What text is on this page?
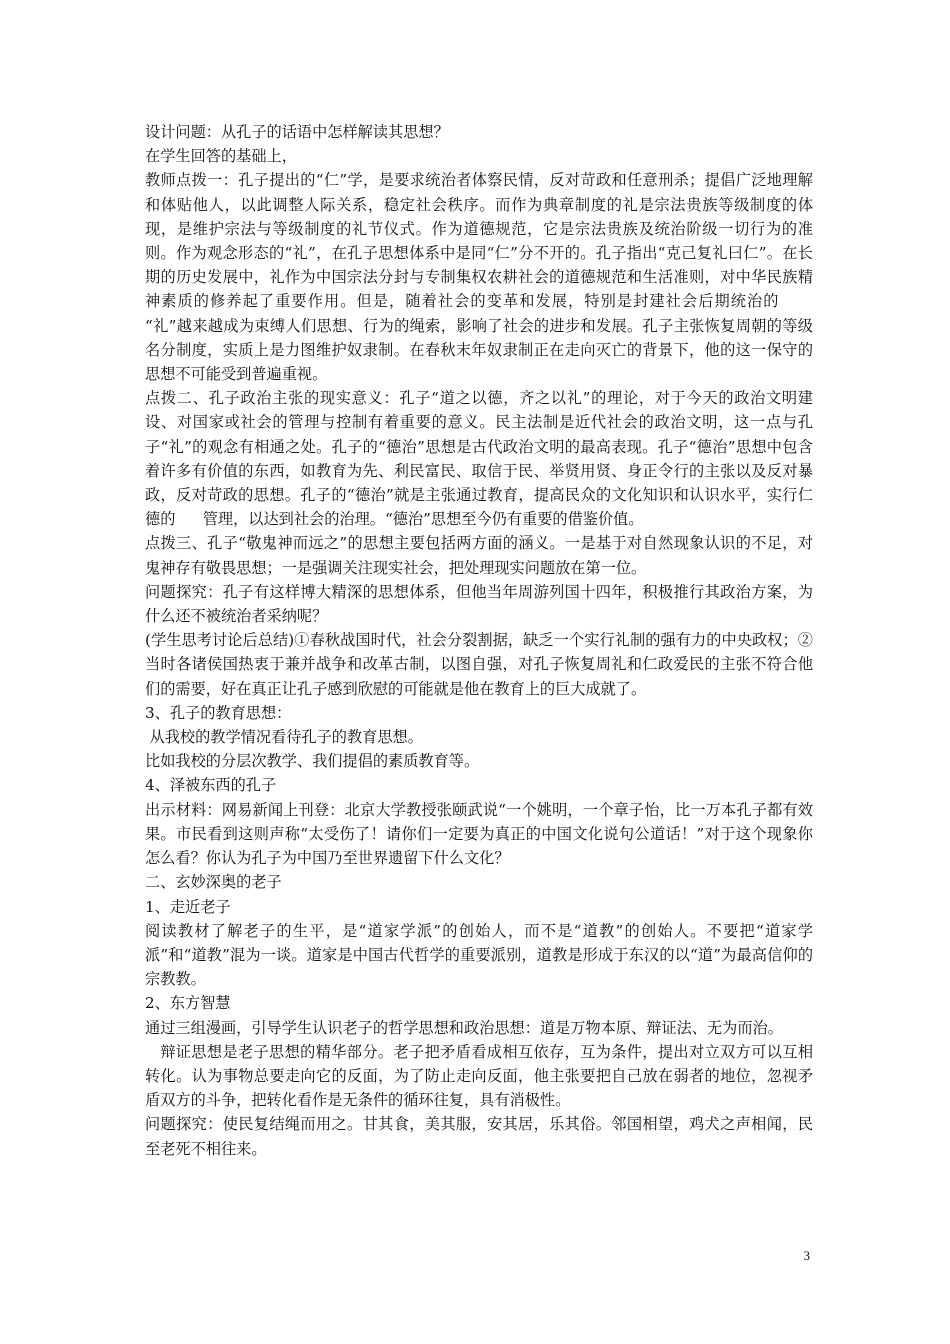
设计问题：从孔子的话语中怎样解读其思想？

在学生回答的基础上，

教师点拨一：孔子提出的“仁”学，是要求统治者体察民情，反对苛政和任意刑杀；提倡广泛地理解和体贴他人，以此调整人际关系，稳定社会秩序。而作为典章制度的礼是宗法贵族等级制度的体现，是维护宗法与等级制度的礼节仪式。作为道德规范，它是宗法贵族及统治阶级一切行为的准则。作为观念形态的“礼”，在孔子思想体系中是同“仁”分不开的。孔子指出“克己复礼曰仁”。在长期的历史发展中，礼作为中国宗法分封与专制集权农耕社会的道德规范和生活准则，对中华民族精神素质的修养起了重要作用。但是，随着社会的变革和发展，特别是封建社会后期统治的“礼”越来越成为束缚人们思想、行为的绳索，影响了社会的进步和发展。孔子主张恢复周朝的等级名分制度，实质上是力图维护奴隶制。在春秋末年奴隶制正在走向灭亡的背景下，他的这一保守的思想不可能受到普遍重视。

点拨二、孔子政治主张的现实意义：孔子“道之以德，齐之以礼”的理论，对于今天的政治文明建设、对国家或社会的管理与控制有着重要的意义。民主法制是近代社会的政治文明，这一点与孔子“礼”的观念有相通之处。孔子的“德治”思想是古代政治文明的最高表现。孔子“德治”思想中包含着许多有价值的东西，如教育为先、利民富民、取信于民、举贤用贤、身正令行的主张以及反对暴政，反对苛政的思想。孔子的“德治”就是主张通过教育，提高民众的文化知识和认识水平，实行仁德的 管理，以达到社会的治理。“德治”思想至今仍有重要的借鉴价值。

点拨三、孔子“敬鬼神而远之”的思想主要包括两方面的涵义。一是基于对自然现象认识的不足，对鬼神存有敬畏思想；一是强调关注现实社会，把处理现实问题放在第一位。

问题探究：孔子有这样博大精深的思想体系，但他当年周游列国十四年，积极推行其政治方案，为什么还不被统治者采纳呢？

(学生思考讨论后总结)①春秋战国时代，社会分裂割据，缺乏一个实行礼制的强有力的中央政权；② 当时各诸侯国热衷于兼并战争和改革古制，以图自强，对孔子恢复周礼和仁政爱民的主张不符合他们的需要，好在真正让孔子感到欣慰的可能就是他在教育上的巨大成就了。

3、孔子的教育思想：

从我校的教学情况看待孔子的教育思想。

比如我校的分层次教学、我们提倡的素质教育等。

4、泽被东西的孔子

出示材料：网易新闻上刊登：北京大学教授张颐武说“一个姚明，一个章子怡，比一万本孔子都有效果。市民看到这则声称“太受伤了！请你们一定要为真正的中国文化说句公道话！”对于这个现象你怎么看？你认为孔子为中国乃至世界遗留下什么文化？

二、玄妙深奥的老子

1、走近老子

阅读教材了解老子的生平，是“道家学派”的创始人，而不是“道教”的创始人。不要把“道家学派”和“道教”混为一谈。道家是中国古代哲学的重要派别，道教是形成于东汉的以“道”为最高信仰的宗教教。

2、东方智慧

通过三组漫画，引导学生认识老子的哲学思想和政治思想：道是万物本原、辩证法、无为而治。

辩证思想是老子思想的精华部分。老子把矛盾看成相互依存，互为条件，提出对立双方可以互相转化。认为事物总要走向它的反面，为了防止走向反面，他主张要把自己放在弱者的地位，忽视矛盾双方的斗争，把转化看作是无条件的循环往复，具有消极性。

问题探究：使民复结绳而用之。甘其食，美其服，安其居，乐其俗。邻国相望，鸡犬之声相闻，民至老死不相往来。

3
